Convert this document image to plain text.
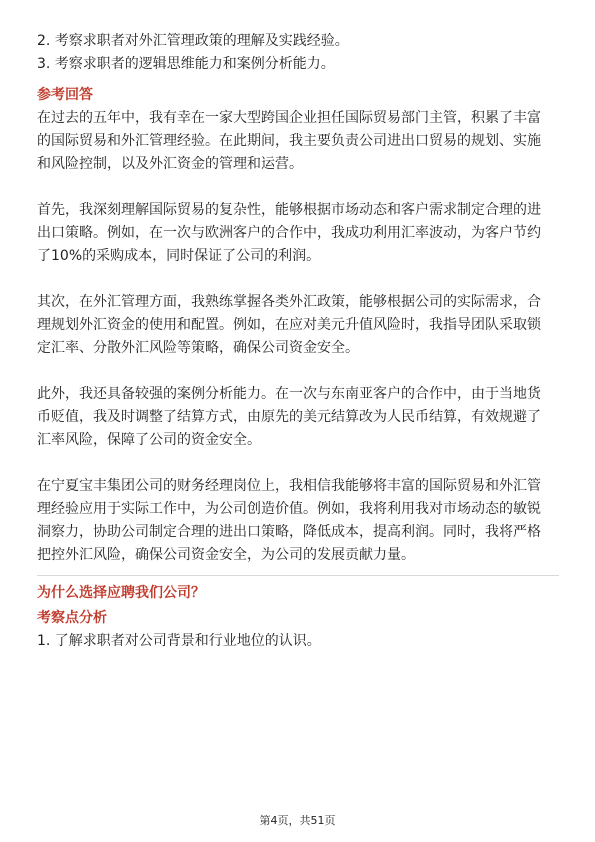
2. 考察求职者对外汇管理政策的理解及实践经验。
3. 考察求职者的逻辑思维能力和案例分析能力。
参考回答
在过去的五年中，我有幸在一家大型跨国企业担任国际贸易部门主管，积累了丰富
的国际贸易和外汇管理经验。在此期间，我主要负责公司进出口贸易的规划、实施
和风险控制，以及外汇资金的管理和运营。
首先，我深刻理解国际贸易的复杂性，能够根据市场动态和客户需求制定合理的进
出口策略。例如，在一次与欧洲客户的合作中，我成功利用汇率波动，为客户节约
了10%的采购成本，同时保证了公司的利润。
其次，在外汇管理方面，我熟练掌握各类外汇政策，能够根据公司的实际需求，合
理规划外汇资金的使用和配置。例如，在应对美元升值风险时，我指导团队采取锁
定汇率、分散外汇风险等策略，确保公司资金安全。
此外，我还具备较强的案例分析能力。在一次与东南亚客户的合作中，由于当地货
币贬值，我及时调整了结算方式，由原先的美元结算改为人民币结算，有效规避了
汇率风险，保障了公司的资金安全。
在宁夏宝丰集团公司的财务经理岗位上，我相信我能够将丰富的国际贸易和外汇管
理经验应用于实际工作中，为公司创造价值。例如，我将利用我对市场动态的敏锐
洞察力，协助公司制定合理的进出口策略，降低成本，提高利润。同时，我将严格
把控外汇风险，确保公司资金安全，为公司的发展贡献力量。
为什么选择应聘我们公司？
考察点分析
1. 了解求职者对公司背景和行业地位的认识。
第4页，共51页
